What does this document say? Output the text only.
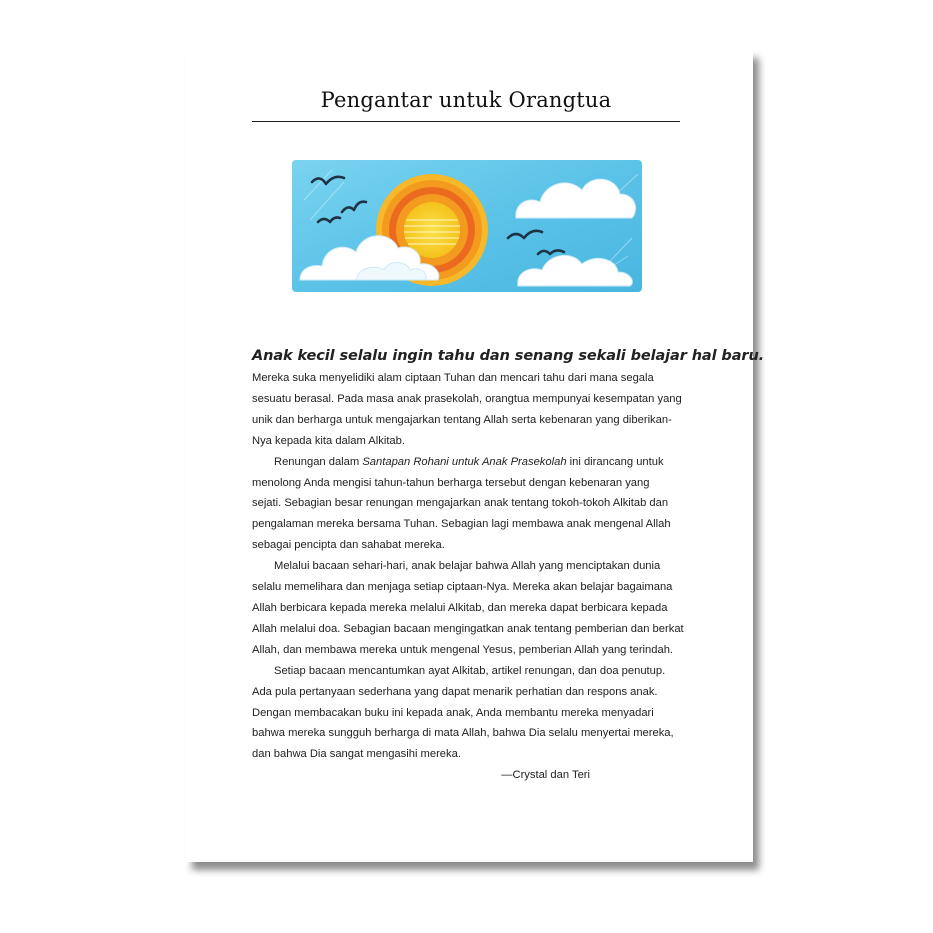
Pengantar untuk Orangtua

Anak kecil selalu ingin tahu dan senang sekali belajar hal baru.

Mereka suka menyelidiki alam ciptaan Tuhan dan mencari tahu dari mana segala
sesuatu berasal. Pada masa anak prasekolah, orangtua mempunyai kesempatan yang
unik dan berharga untuk mengajarkan tentang Allah serta kebenaran yang diberikan-
Nya kepada kita dalam Alkitab.

Renungan dalam Santapan Rohani untuk Anak Prasekolah ini dirancang untuk
menolong Anda mengisi tahun-tahun berharga tersebut dengan kebenaran yang
sejati. Sebagian besar renungan mengajarkan anak tentang tokoh-tokoh Alkitab dan
pengalaman mereka bersama Tuhan. Sebagian lagi membawa anak mengenal Allah
sebagai pencipta dan sahabat mereka.

Melalui bacaan sehari-hari, anak belajar bahwa Allah yang menciptakan dunia
selalu memelihara dan menjaga setiap ciptaan-Nya. Mereka akan belajar bagaimana
Allah berbicara kepada mereka melalui Alkitab, dan mereka dapat berbicara kepada
Allah melalui doa. Sebagian bacaan mengingatkan anak tentang pemberian dan berkat
Allah, dan membawa mereka untuk mengenal Yesus, pemberian Allah yang terindah.

Setiap bacaan mencantumkan ayat Alkitab, artikel renungan, dan doa penutup.
Ada pula pertanyaan sederhana yang dapat menarik perhatian dan respons anak.
Dengan membacakan buku ini kepada anak, Anda membantu mereka menyadari
bahwa mereka sungguh berharga di mata Allah, bahwa Dia selalu menyertai mereka,
dan bahwa Dia sangat mengasihi mereka.

—Crystal dan Teri
